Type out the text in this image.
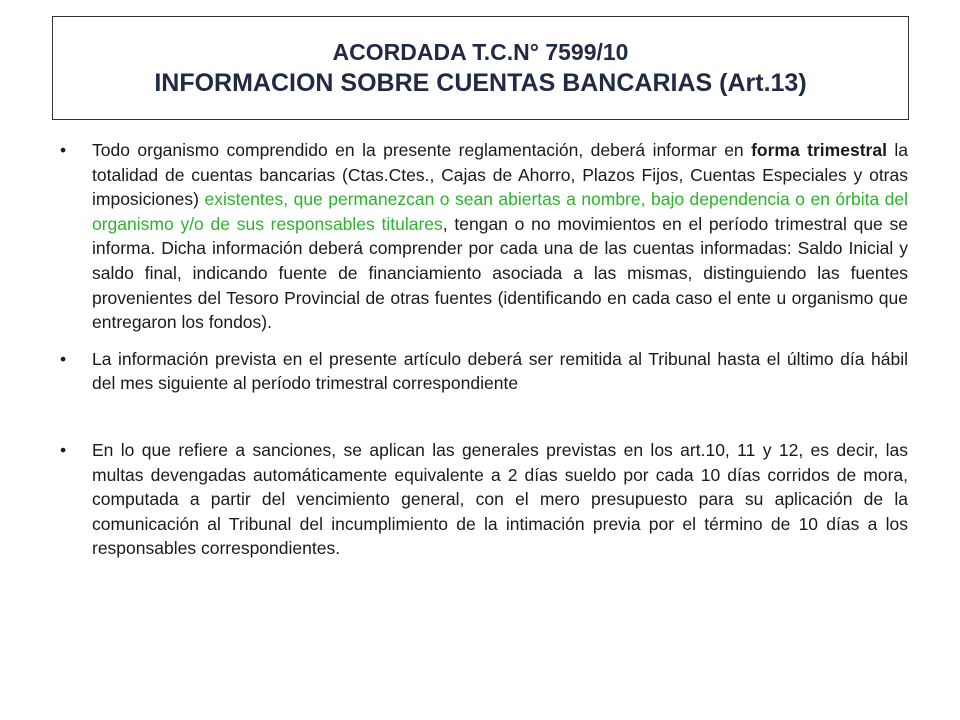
ACORDADA T.C.N° 7599/10
INFORMACION SOBRE CUENTAS BANCARIAS (Art.13)
• Todo organismo comprendido en la presente reglamentación, deberá informar en forma trimestral la totalidad de cuentas bancarias (Ctas.Ctes., Cajas de Ahorro, Plazos Fijos, Cuentas Especiales y otras imposiciones) existentes, que permanezcan o sean abiertas a nombre, bajo dependencia o en órbita del organismo y/o de sus responsables titulares, tengan o no movimientos en el período trimestral que se informa. Dicha información deberá comprender por cada una de las cuentas informadas: Saldo Inicial y saldo final, indicando fuente de financiamiento asociada a las mismas, distinguiendo las fuentes provenientes del Tesoro Provincial de otras fuentes (identificando en cada caso el ente u organismo que entregaron los fondos).
• La información prevista en el presente artículo deberá ser remitida al Tribunal hasta el último día hábil del mes siguiente al período trimestral correspondiente
• En lo que refiere a sanciones, se aplican las generales previstas en los art.10, 11 y 12, es decir, las multas devengadas automáticamente equivalente a 2 días sueldo por cada 10 días corridos de mora, computada a partir del vencimiento general, con el mero presupuesto para su aplicación de la comunicación al Tribunal del incumplimiento de la intimación previa por el término de 10 días a los responsables correspondientes.
